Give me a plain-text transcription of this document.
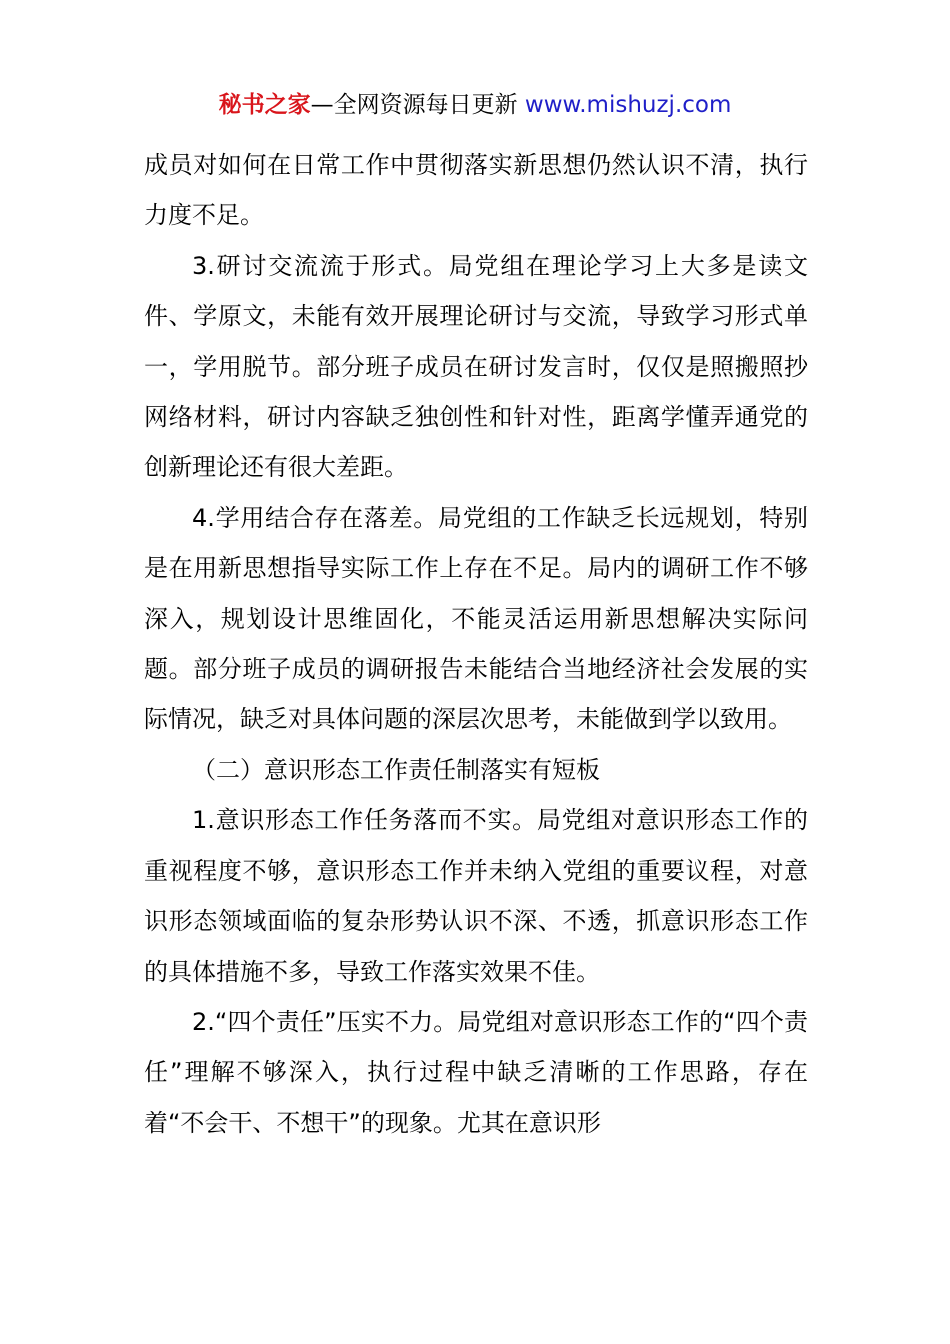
秘书之家—全网资源每日更新 www.mishuzj.com

成员对如何在日常工作中贯彻落实新思想仍然认识不清，执行力度不足。

3.研讨交流流于形式。局党组在理论学习上大多是读文件、学原文，未能有效开展理论研讨与交流，导致学习形式单一，学用脱节。部分班子成员在研讨发言时，仅仅是照搬照抄网络材料，研讨内容缺乏独创性和针对性，距离学懂弄通党的创新理论还有很大差距。

4.学用结合存在落差。局党组的工作缺乏长远规划，特别是在用新思想指导实际工作上存在不足。局内的调研工作不够深入，规划设计思维固化，不能灵活运用新思想解决实际问题。部分班子成员的调研报告未能结合当地经济社会发展的实际情况，缺乏对具体问题的深层次思考，未能做到学以致用。

（二）意识形态工作责任制落实有短板

1.意识形态工作任务落而不实。局党组对意识形态工作的重视程度不够，意识形态工作并未纳入党组的重要议程，对意识形态领域面临的复杂形势认识不深、不透，抓意识形态工作的具体措施不多，导致工作落实效果不佳。

2.“四个责任”压实不力。局党组对意识形态工作的“四个责任”理解不够深入，执行过程中缺乏清晰的工作思路，存在着“不会干、不想干”的现象。尤其在意识形
